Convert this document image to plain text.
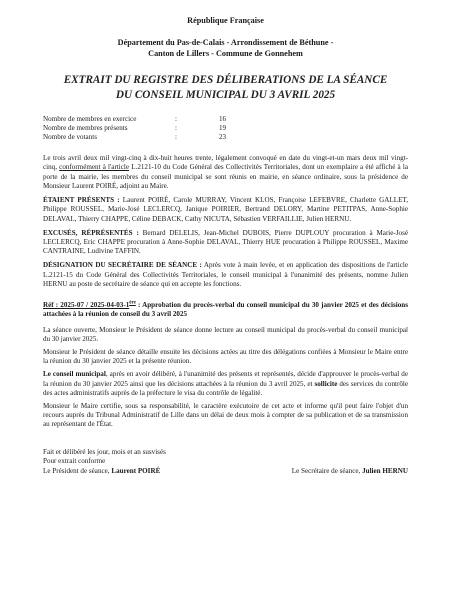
République Française
Département du Pas-de-Calais - Arrondissement de Béthune -
Canton de Lillers - Commune de Gonnehem
EXTRAIT DU REGISTRE DES DÉLIBERATIONS DE LA SÉANCE
DU CONSEIL MUNICIPAL DU 3 AVRIL 2025
Nombre de membres en exercice	:	16
Nombre de membres présents	:	19
Nombre de votants	:	23

Le trois avril deux mil vingt-cinq à dix-huit heures trente, légalement convoqué en date du vingt-et-un mars deux mil vingt-cinq, conformément à l'article L.2121-10 du Code Général des Collectivités Territoriales, dont un exemplaire a été affiché à la porte de la mairie, les membres du conseil municipal se sont réunis en mairie, en séance ordinaire, sous la présidence de Monsieur Laurent POIRÉ, adjoint au Maire.

ÉTAIENT PRÉSENTS : Laurent POIRÉ, Carole MURRAY, Vincent KLOS, Françoise LEFEBVRE, Charlette GALLET, Philippe ROUSSEL, Marie-José LECLERCQ, Janique POIRIER, Bertrand DELORY, Martine PETITPAS, Anne-Sophie DELAVAL, Thierry CHAPPE, Céline DEBACK, Cathy NICUTA, Sébastien VERFAILLIE, Julien HERNU.

EXCUSÉS, RÉPRÉSENTÉS : Bernard DELELIS, Jean-Michel DUBOIS, Pierre DUPLOUY procuration à Marie-José LECLERCQ, Eric CHAPPE procuration à Anne-Sophie DELAVAL, Thierry HUE procuration à Philippe ROUSSEL, Maxime CANTRAINE, Ludivine TAFFIN.

DÉSIGNATION DU SECRÉTAIRE DE SÉANCE : Après vote à main levée, et en application des dispositions de l'article L.2121-15 du Code Général des Collectivités Territoriales, le conseil municipal à l'unanimité des présents, nomme Julien HERNU au poste de secrétaire de séance qui en accepte les fonctions.

Réf : 2025-07 / 2025-04-03-1ère : Approbation du procès-verbal du conseil municipal du 30 janvier 2025 et des décisions attachées à la réunion de conseil du 3 avril 2025

La séance ouverte, Monsieur le Président de séance donne lecture au conseil municipal du procès-verbal du conseil municipal du 30 janvier 2025.

Monsieur le Président de séance détaille ensuite les décisions actées au titre des délégations confiées à Monsieur le Maire entre la réunion du 30 janvier 2025 et la présente réunion.

Le conseil municipal, après en avoir délibéré, à l'unanimité des présents et représentés, décide d'approuver le procès-verbal de la réunion du 30 janvier 2025 ainsi que les décisions attachées à la réunion du 3 avril 2025, et sollicite des services du contrôle des actes administratifs auprès de la préfecture le visa du contrôle de légalité.

Monsieur le Maire certifie, sous sa responsabilité, le caractère exécutoire de cet acte et informe qu'il peut faire l'objet d'un recours auprès du Tribunal Administratif de Lille dans un délai de deux mois à compter de sa publication et de sa transmission au représentant de l'État.

Fait et délibéré les jour, mois et an susvisés
Pour extrait conforme
Le Président de séance, Laurent POIRÉ	Le Secrétaire de séance, Julien HERNU
